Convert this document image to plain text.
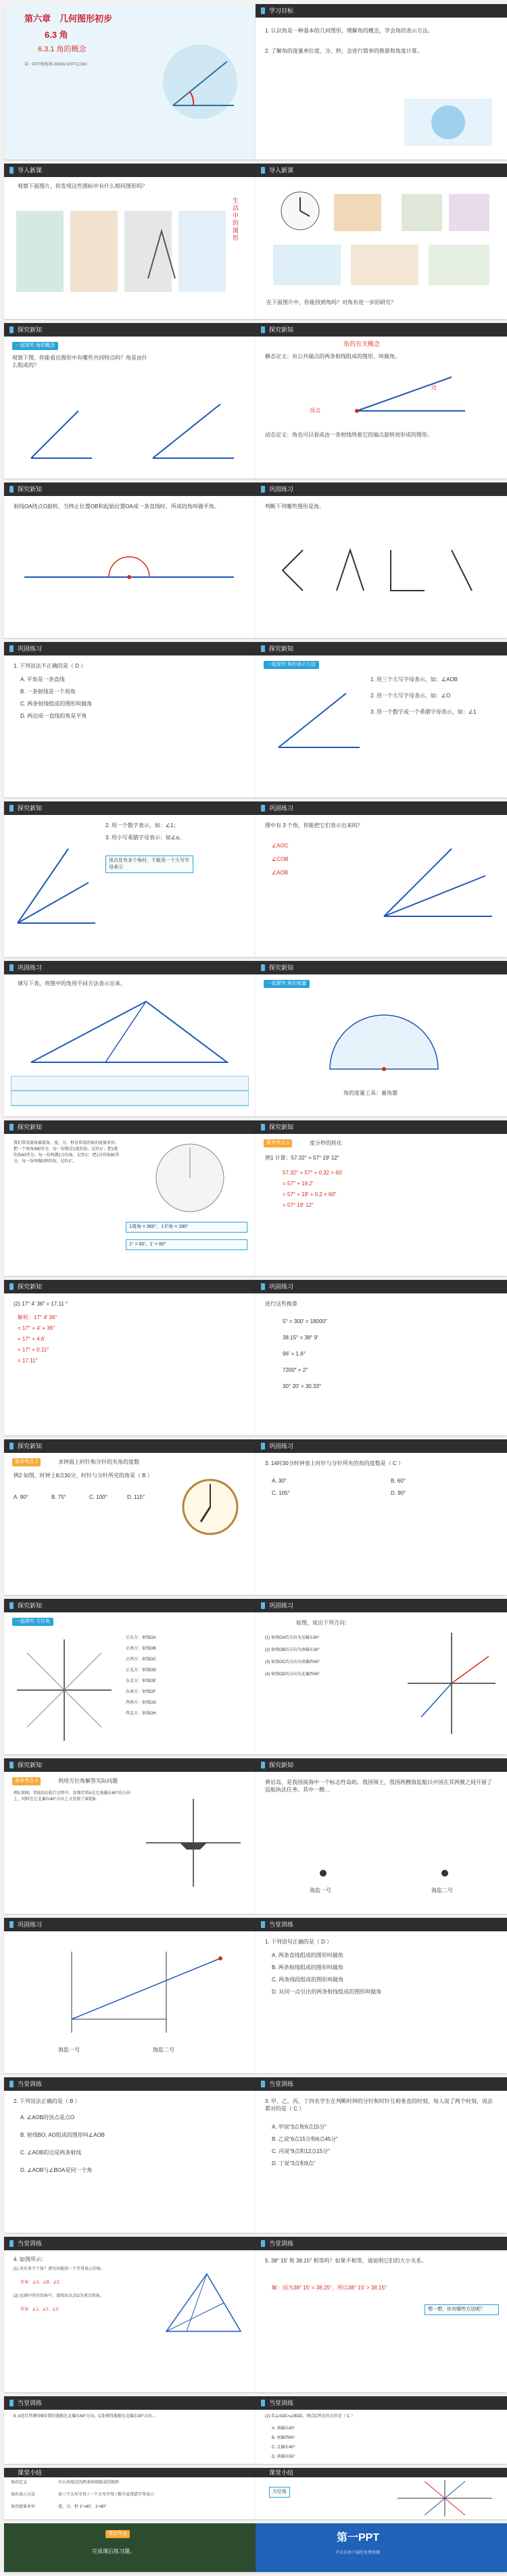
第六章　几何图形初步
6.3 角
6.3.1 角的概念
第一PPT模板网-WWW.1PPT.COM
学习目标
1. 认识角是一种基本的几何图形，理解角的概念，学会角的表示方法。
2. 了解角的度量单位度、分、秒，会进行简单的换算和角度计算。
导入新课
观察下面图片，你发现这些图标中有什么相同图形吗？
生活中的图形
导入新课
在下面图片中，你能找到角吗？对角有进一步的研究？
探究新知
一起探究 角的概念
观察下图，你能看出图形中有哪些共同特点吗？角是由什么组成的？
探究新知
角的有关概念
静态定义：有公共端点的两条射线组成的图形，叫做角。
顶点
边
动态定义：角也可以看成由一条射线绕着它的端点旋转而形成的图形。
探究新知
射线OA绕点O旋转，当终止位置OB和起始位置OA成一条直线时，所成的角叫做平角。
巩固练习
判断下列哪些图形是角。
巩固练习
1. 下列说法不正确的是（ D ）
A. 平角是一条直线
B. 一条射线是一个周角
C. 两条射线组成的图形叫做角
D. 两边成一直线的角是平角
探究新知
一起探究 角的表示方法
1. 用三个大写字母表示，如：∠AOB
2. 用一个大写字母表示，如：∠O
3. 用一个数字或一个希腊字母表示，如：∠1
探究新知
2. 用一个数字表示，如：∠1；
3. 用小写希腊字母表示：如∠α。
顶点处有多个角时，不能用一个大写字母表示
巩固练习
图中有 3 个角，你能把它们表示出来吗？
∠AOC
∠COB
∠AOB
巩固练习
填写下表，将图中的角用不同方法表示出来。
探究新知
一起探究 角的度量
角的度量工具：量角器
探究新知
我们常用量角器量角。度、分、秒是常用的角的度量单位。把一个周角360等分，每一份就是1度的角，记作1°；把1度的角60等分，每一份叫做1分的角，记作1′；把1分的角60等分，每一份叫做1秒的角，记作1″。
1周角 = 360°，1平角 = 180°
1° = 60′，1′ = 60″
探究新知
素养考点 1	度分秒的转化
例1 计算：57.32° = 57° 19′ 12″
57.32° = 57° + 0.32 × 60′
= 57° + 19.2′
= 57° + 19′ + 0.2 × 60″
= 57° 19′ 12″
探究新知
(2) 17° 4′ 36″ = 17.11 °
解析：17° 4′ 36″
= 17° + 4′ + 36″
= 17° + 4.6′
= 17° + 0.11°
= 17.11°
巩固练习
进行这些换算
5° = 300′ = 18000″
38.15° = 38° 9′
96′ = 1.6°
7200″ = 2°
30° 20′ = 30.33°
探究新知
素养考点 2	求钟面上时针和分针的夹角的度数
例2 如图，时钟上8点30分，时针与分针所夹的角是（ B ）
A. 90°	B. 75°	C. 100°	D. 115°
巩固练习
3. 14时30分时钟表上时针与分针所夹的角的度数是（ C ）
A. 30°	B. 60°
C. 105°	D. 90°
探究新知
一起探究 方位角
正东方：射线OA
正南方：射线OB
正西方：射线OC
正北方：射线OD
东北方：射线OE
东南方：射线OF
西南方：射线OG
西北方：射线OH
巩固练习
如图，说出下列方向：
(1) 射线OA的方向为北偏东60°
(2) 射线OB的方向为南偏东30°
(3) 射线OC的方向为南偏西45°
(4) 射线OD的方向为北偏西45°
探究新知
素养考点 3	利用方位角解答实际问题
例3 如图，货轮O在航行过程中，发现灯塔A在它南偏东60°的方向上，同时在它北偏东40°方向上又发现了客轮B。
探究新知
黄岩岛，是我国南海中一个标志性岛屿。我国领土，我国两艘海监船以中国在其两舰之间开展了巡航执法任务。其中一艘…
海监一号	海监二号
巩固练习
海监一号	海监二号
当堂训练
1. 下列语句正确的是（ D ）
A. 两条直线组成的图形叫做角
B. 两条射线组成的图形叫做角
C. 两条线段组成的图形叫做角
D. 从同一点引出的两条射线组成的图形叫做角
当堂训练
2. 下列说法正确的是（ B ）
A. ∠AOB的顶点是点O
B. 射线BO, AO组成的图形叫∠AOB
C. ∠AOB的边是两条射线
D. ∠AOB与∠BOA是同一个角
当堂训练
3. 甲、乙、丙、丁四名学生在判断时钟的分针和时针互相垂直的时刻，每人说了两个时刻，说法都对的是（ C ）
A. 甲说“3点和9点15分”
B. 乙说“6点15分和6点45分”
C. 丙说“9点和12点15分”
D. 丁说“3点和9点”
当堂训练
4. 如图所示：
(1) 共有多少个角？请写出能用一个字母表示的角；
答案：∠A、∠B、∠C
(2) 在图中所有的角中，请找出以点O为顶点的角。
答案：∠1、∠2、∠3
当堂训练
5. 38° 15′ 和 38.15° 相等吗？如果不相等，请说明它们的大小关系。
解：因为38° 15′ = 38.25°，所以38° 15′ > 38.15°
想一想，你有哪些方法呢？
当堂训练
6. A处灯塔测得B位置的渔船在北偏东60°方向，C处测得渔船在北偏东30°方向…
当堂训练
(2) 若∠AOC=∠BOD，则点C所在的方位是（ C ）
A. 南偏东40°
B. 南偏西40°
C. 北偏东40°
D. 南偏东50°
课堂小结
角的定义	有公共端点的两条射线组成的图形
角的表示方法	用三个大写字母 / 一个大写字母 / 数字或希腊字母表示
角的度量单位	度、分、秒 1°=60′，1′=60″
课堂小结
方位角
课后作业
完成课后练习题。
第一PPT
可以自由下载的免费资源
